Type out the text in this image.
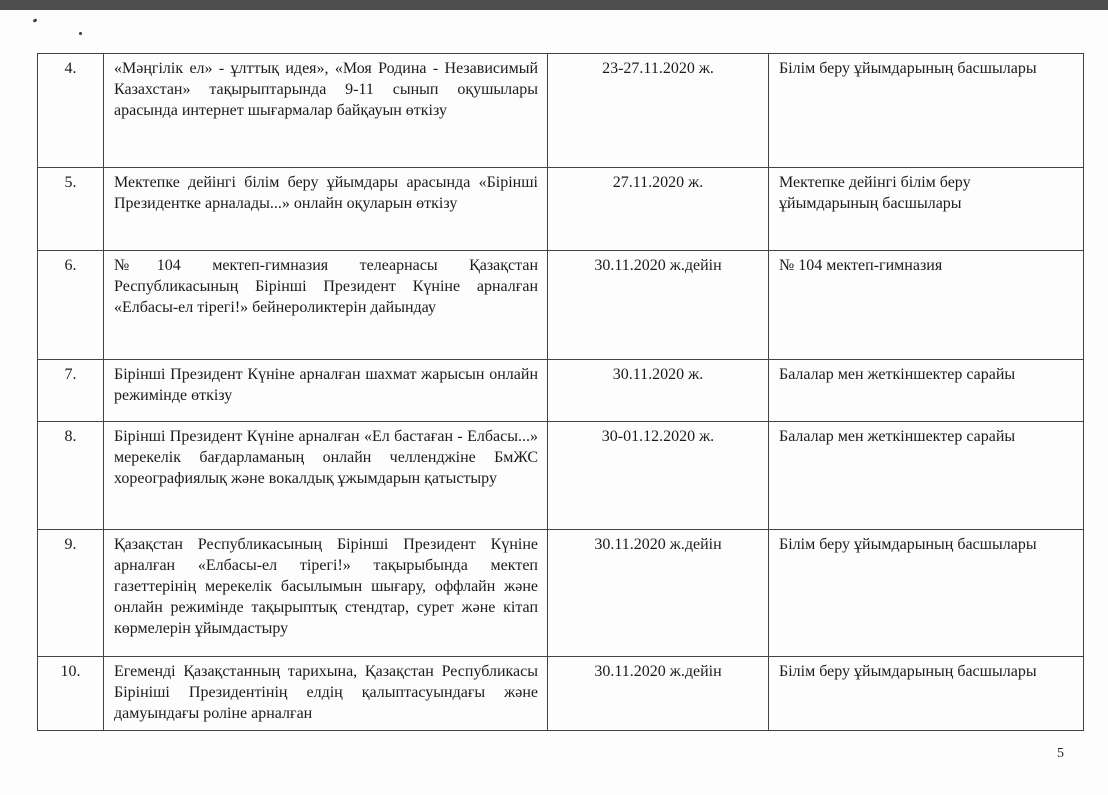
4.	«Мәңгілік ел» - ұлттық идея», «Моя Родина - Независимый Казахстан» тақырыптарында 9-11 сынып оқушылары арасында интернет шығармалар байқауын өткізу	23-27.11.2020 ж.	Білім беру ұйымдарының басшылары
5.	Мектепке дейінгі білім беру ұйымдары арасында «Бірінші Президентке арналады...» онлайн оқуларын өткізу	27.11.2020 ж.	Мектепке дейінгі білім беру ұйымдарының басшылары
6.	№104 мектеп-гимназия телеарнасы Қазақстан Республикасының Бірінші Президент Күніне арналған «Елбасы-ел тірегі!» бейнероликтерін дайындау	30.11.2020 ж.дейін	№ 104 мектеп-гимназия
7.	Бірінші Президент Күніне арналған шахмат жарысын онлайн режимінде өткізу	30.11.2020 ж.	Балалар мен жеткіншектер сарайы
8.	Бірінші Президент Күніне арналған «Ел бастаған - Елбасы...» мерекелік бағдарламаның онлайн челленджіне БмЖС хореографиялық және вокалдық ұжымдарын қатыстыру	30-01.12.2020 ж.	Балалар мен жеткіншектер сарайы
9.	Қазақстан Республикасының Бірінші Президент Күніне арналған «Елбасы-ел тірегі!» тақырыбында мектеп газеттерінің мерекелік басылымын шығару, оффлайн және онлайн режимінде тақырыптық стендтар, сурет және кітап көрмелерін ұйымдастыру	30.11.2020 ж.дейін	Білім беру ұйымдарының басшылары
10.	Егеменді Қазақстанның тарихына, Қазақстан Республикасы Бірініші Президентінің елдің қалыптасуындағы және дамуындағы роліне арналған	30.11.2020 ж.дейін	Білім беру ұйымдарының басшылары
5
